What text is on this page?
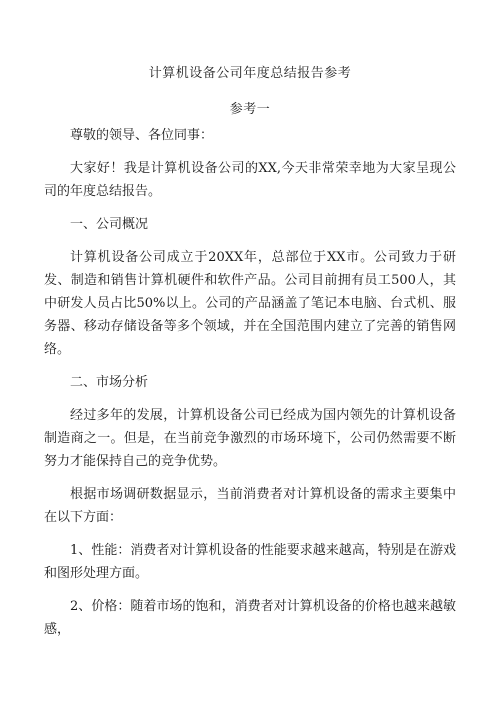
计算机设备公司年度总结报告参考
参考一

尊敬的领导、各位同事：

大家好！我是计算机设备公司的XX,今天非常荣幸地为大家呈现公司的年度总结报告。

一、公司概况

计算机设备公司成立于20XX年，总部位于XX市。公司致力于研发、制造和销售计算机硬件和软件产品。公司目前拥有员工500人，其中研发人员占比50%以上。公司的产品涵盖了笔记本电脑、台式机、服务器、移动存储设备等多个领域，并在全国范围内建立了完善的销售网络。

二、市场分析

经过多年的发展，计算机设备公司已经成为国内领先的计算机设备制造商之一。但是，在当前竞争激烈的市场环境下，公司仍然需要不断努力才能保持自己的竞争优势。

根据市场调研数据显示，当前消费者对计算机设备的需求主要集中在以下方面：

1、性能：消费者对计算机设备的性能要求越来越高，特别是在游戏和图形处理方面。

2、价格：随着市场的饱和，消费者对计算机设备的价格也越来越敏感，
